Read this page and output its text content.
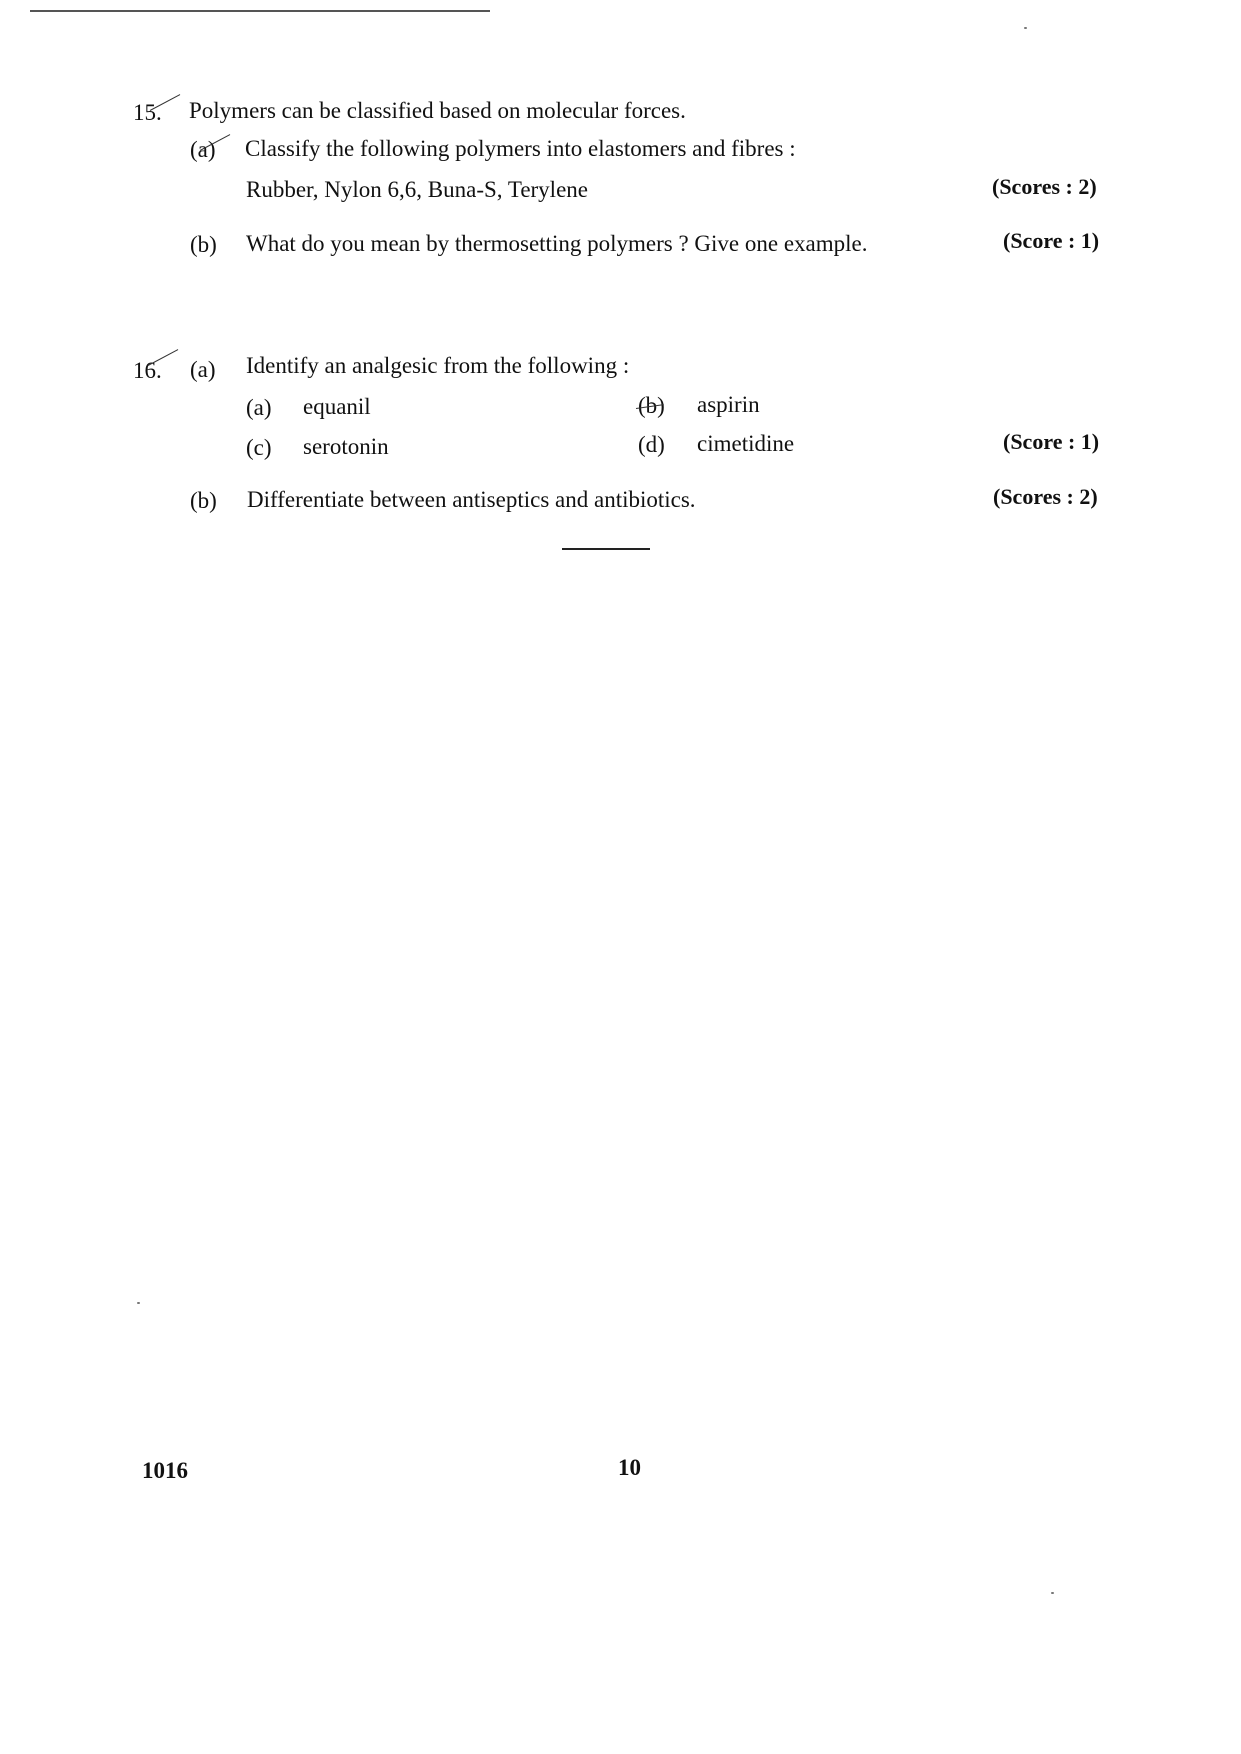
15. Polymers can be classified based on molecular forces.
(a) Classify the following polymers into elastomers and fibres :
Rubber, Nylon 6,6, Buna-S, Terylene	(Scores : 2)
(b) What do you mean by thermosetting polymers ? Give one example.	(Score : 1)
16. (a) Identify an analgesic from the following :
(a) equanil	(b) aspirin
(c) serotonin	(d) cimetidine	(Score : 1)
(b) Differentiate between antiseptics and antibiotics.	(Scores : 2)
1016	10
